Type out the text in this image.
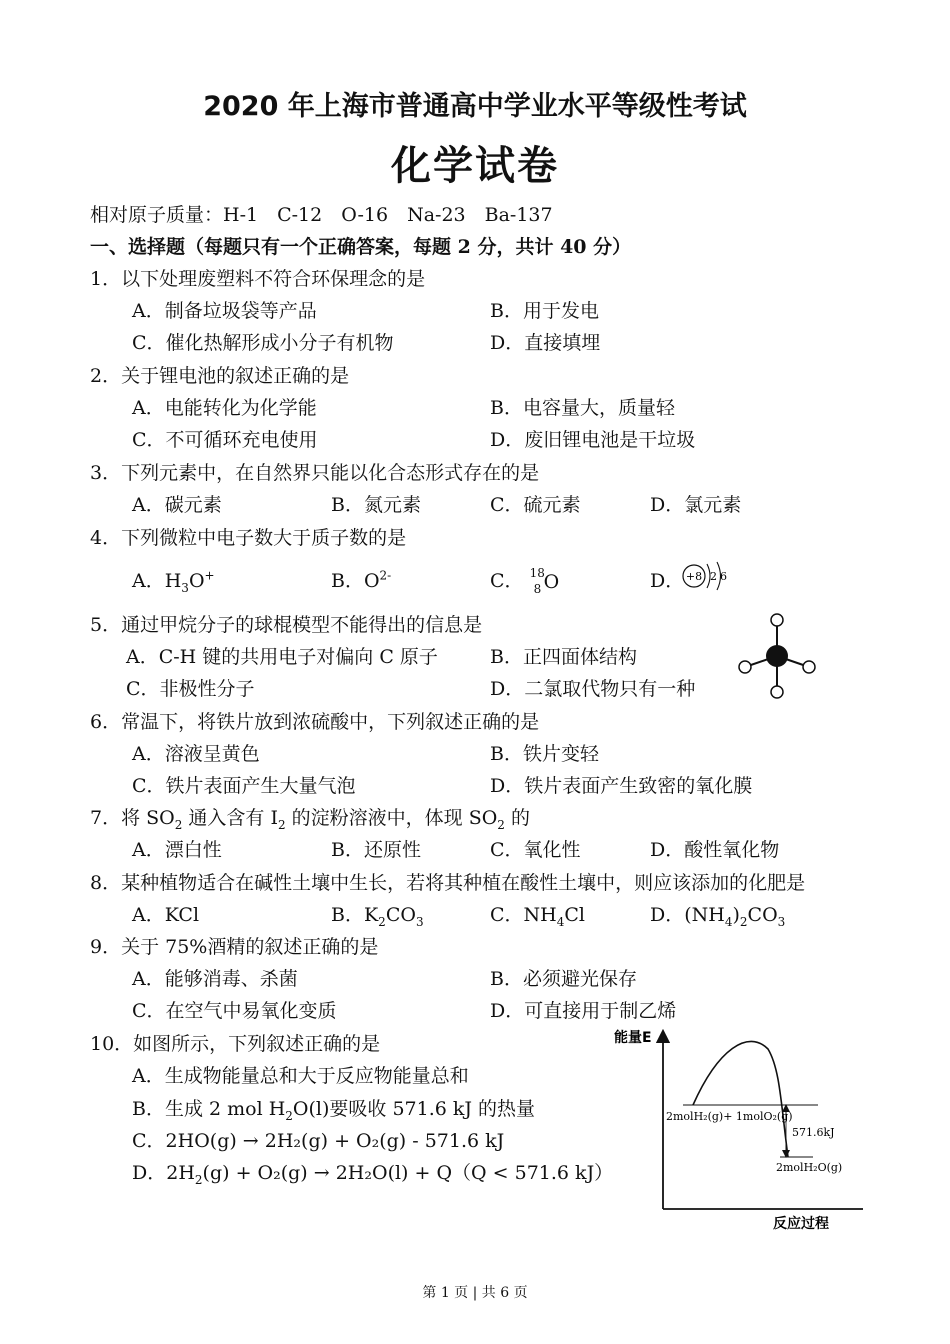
2020 年上海市普通高中学业水平等级性考试
化学试卷
相对原子质量：H-1　C-12　O-16　Na-23　Ba-137
一、选择题（每题只有一个正确答案，每题 2 分，共计 40 分）
1．以下处理废塑料不符合环保理念的是
A．制备垃圾袋等产品	B．用于发电
C．催化热解形成小分子有机物	D．直接填埋
2．关于锂电池的叙述正确的是
A．电能转化为化学能	B．电容量大，质量轻
C．不可循环充电使用	D．废旧锂电池是干垃圾
3．下列元素中，在自然界只能以化合态形式存在的是
A．碳元素	B．氮元素	C．硫元素	D．氯元素
4．下列微粒中电子数大于质子数的是
A．$H_3O^+$	B．$O^{2-}$	C． 18
8 O	D． +8 2 6
5．通过甲烷分子的球棍模型不能得出的信息是
A．C-H 键的共用电子对偏向 C 原子	B．正四面体结构
C．非极性分子	D．二氯取代物只有一种
6．常温下，将铁片放到浓硫酸中，下列叙述正确的是
A．溶液呈黄色	B．铁片变轻
C．铁片表面产生大量气泡	D．铁片表面产生致密的氧化膜
7．将 $SO_2$ 通入含有 $I_2$ 的淀粉溶液中，体现 $SO_2$ 的
A．漂白性	B．还原性	C．氧化性	D．酸性氧化物
8．某种植物适合在碱性土壤中生长，若将其种植在酸性土壤中，则应该添加的化肥是
A．KCl	B．$K_2CO_3$	C．$NH_4Cl$	D．$(NH_4)_2CO_3$
9．关于 75%酒精的叙述正确的是
A．能够消毒、杀菌	B．必须避光保存
C．在空气中易氧化变质	D．可直接用于制乙烯
10．如图所示，下列叙述正确的是
A．生成物能量总和大于反应物能量总和
B．生成 2 mol $H_2O(l)$要吸收 571.6 kJ 的热量
C．2HO(g) → 2H₂(g) + O₂(g) - 571.6 kJ
D．$2H_2(g) + O_2(g) \to 2H_2O(l) + Q(Q < 571.6$ kJ）
能量E
反应过程
2molH₂(g)+ 1molO₂(g)
571.6kJ
2molH₂O(g)
第 1 页 | 共 6 页
